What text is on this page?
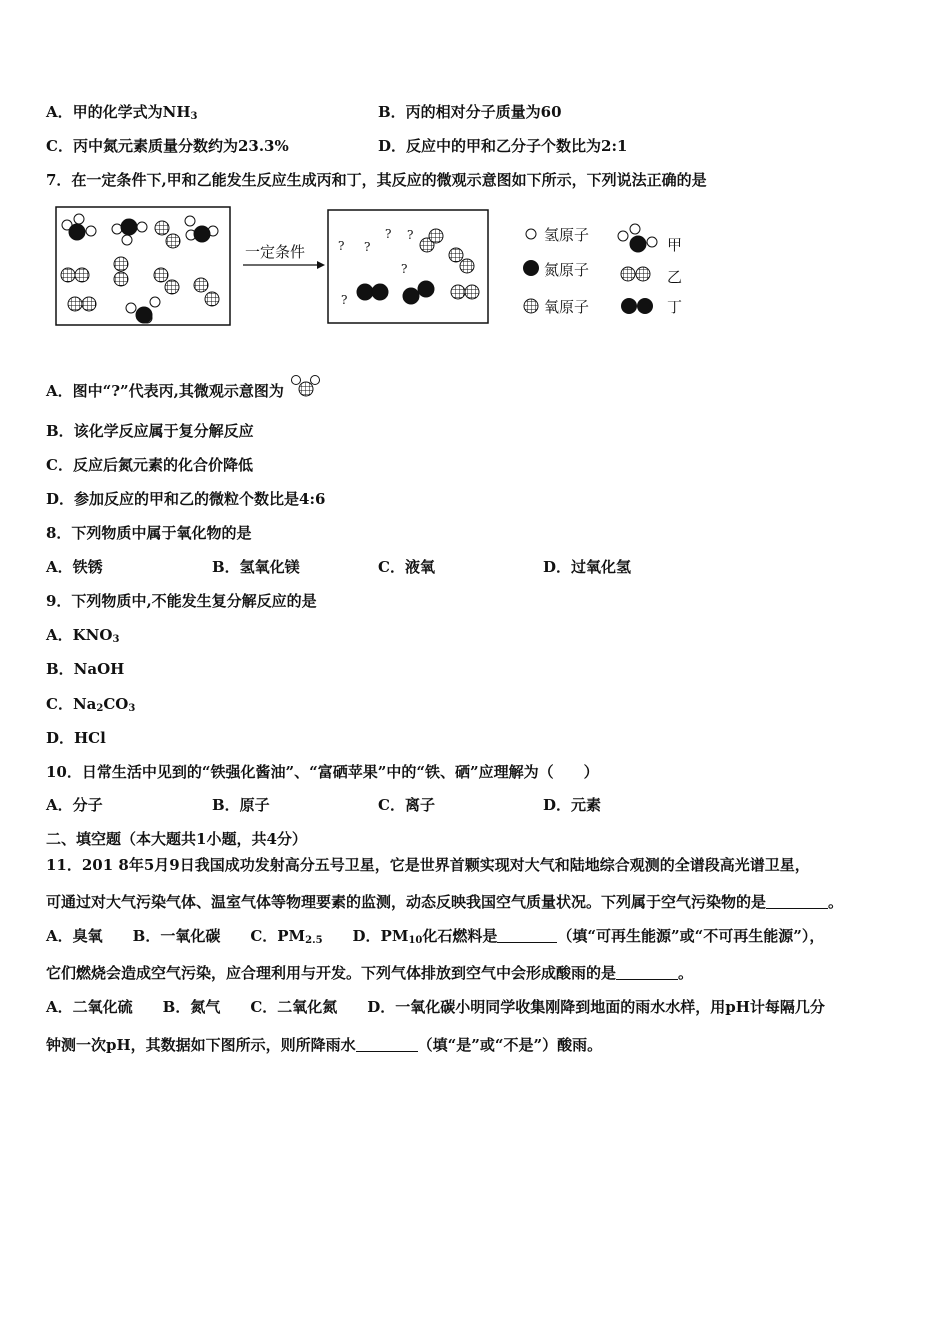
A．甲的化学式为$NH_3$	B．丙的相对分子质量为60
C．丙中氮元素质量分数约为23.3%	D．反应中的甲和乙分子个数比为2:1
7．在一定条件下,甲和乙能发生反应生成丙和丁，其反应的微观示意图如下所示，下列说法正确的是
一定条件	? ?
? ?
?
?
氢原子
氮原子
氧原子
甲
乙
丁
A．图中“?”代表丙,其微观示意图为
B．该化学反应属于复分解反应
C．反应后氮元素的化合价降低
D．参加反应的甲和乙的微粒个数比是4:6
8．下列物质中属于氧化物的是
A．铁锈	B．氢氧化镁	C．液氧	D．过氧化氢
9．下列物质中,不能发生复分解反应的是
A．$KNO_3$
B．NaOH
C．$Na_2CO_3$
D．HCl
10．日常生活中见到的“铁强化酱油”、“富硒苹果”中的“铁、硒”应理解为（　　）
A．分子	B．原子	C．离子	D．元素
二、填空题（本大题共1小题，共4分）
11．201 8年5月9日我国成功发射高分五号卫星，它是世界首颗实现对大气和陆地综合观测的全谱段高光谱卫星，
可通过对大气污染气体、温室气体等物理要素的监测，动态反映我国空气质量状况。下列属于空气污染物的是	。
A．臭氧　　B．一氧化碳　　C．$PM_{2.5}$　　D．$PM_{10}$化石燃料是	（填“可再生能源”或“不可再生能源”），
它们燃烧会造成空气污染，应合理利用与开发。下列气体排放到空气中会形成酸雨的是	。
A．二氧化硫　　B．氮气　　C．二氧化氮　　D．一氧化碳小明同学收集刚降到地面的雨水水样，用pH计每隔几分
钟测一次pH，其数据如下图所示，则所降雨水	（填“是”或“不是”）酸雨。
